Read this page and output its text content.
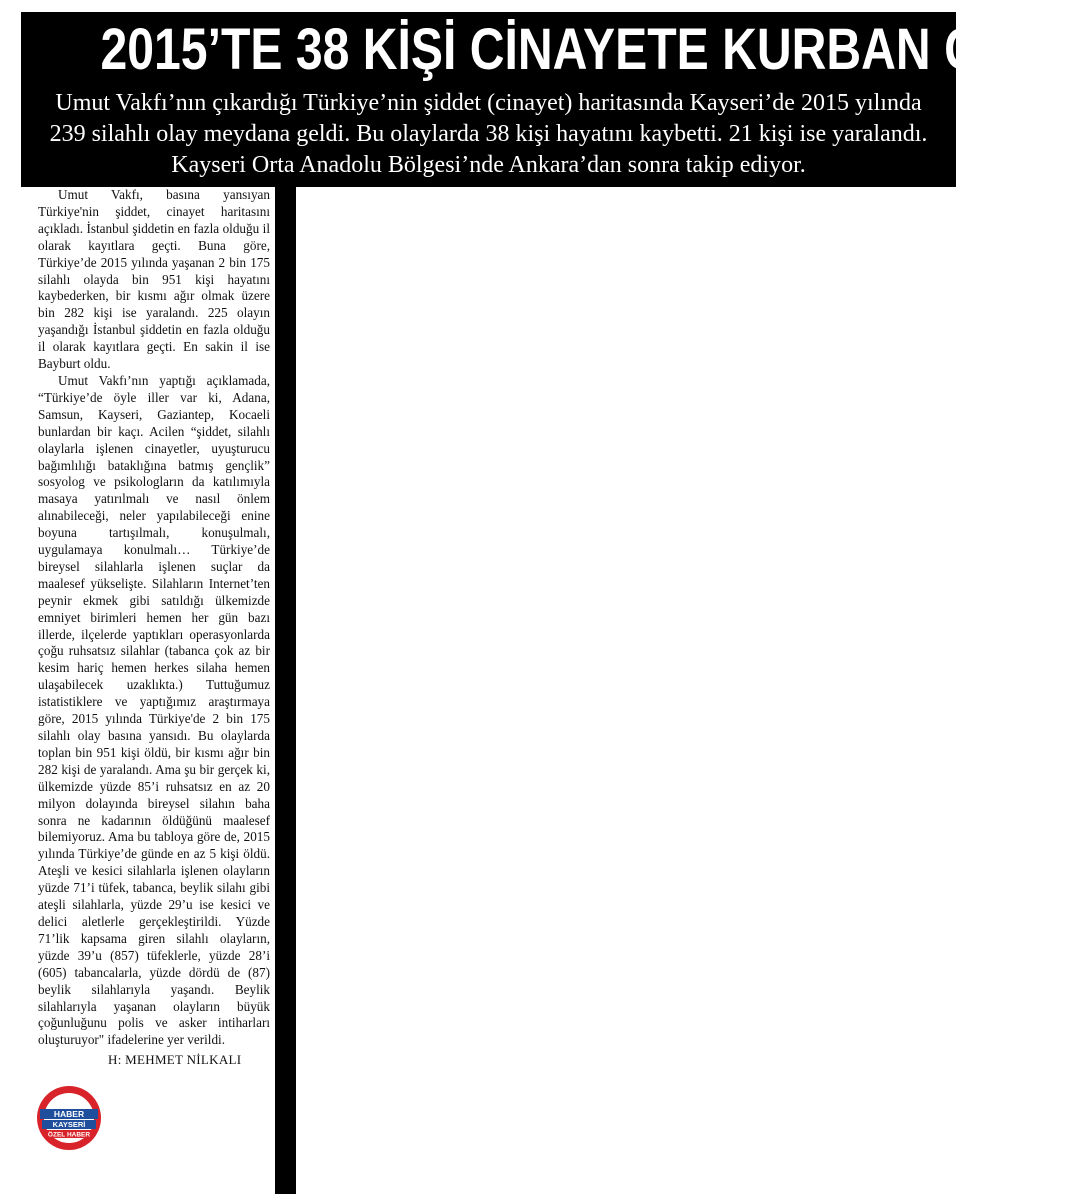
2015’TE 38 KİŞİ CİNAYETE KURBAN GİTTİ
Umut Vakfı’nın çıkardığı Türkiye’nin şiddet (cinayet) haritasında Kayseri’de 2015 yılında 239 silahlı olay meydana geldi. Bu olaylarda 38 kişi hayatını kaybetti. 21 kişi ise yaralandı. Kayseri Orta Anadolu Bölgesi’nde Ankara’dan sonra takip ediyor.

Umut Vakfı, basına yansıyan Türkiye'nin şiddet, cinayet haritasını açıkladı. İstanbul şiddetin en fazla olduğu il olarak kayıtlara geçti. Buna göre, Türkiye’de 2015 yılında yaşanan 2 bin 175 silahlı olayda bin 951 kişi hayatını kaybederken, bir kısmı ağır olmak üzere bin 282 kişi ise yaralandı. 225 olayın yaşandığı İstanbul şiddetin en fazla olduğu il olarak kayıtlara geçti. En sakin il ise Bayburt oldu.

Umut Vakfı’nın yaptığı açıklamada, “Türkiye’de öyle iller var ki, Adana, Samsun, Kayseri, Gaziantep, Kocaeli bunlardan bir kaçı. Acilen “şiddet, silahlı olaylarla işlenen cinayetler, uyuşturucu bağımlılığı bataklığına batmış gençlik” sosyolog ve psikologların da katılımıyla masaya yatırılmalı ve nasıl önlem alınabileceği, neler yapılabileceği enine boyuna tartışılmalı, konuşulmalı, uygulamaya konulmalı… Türkiye’de bireysel silahlarla işlenen suçlar da maalesef yükselişte. Silahların Internet’ten peynir ekmek gibi satıldığı ülkemizde emniyet birimleri hemen her gün bazı illerde, ilçelerde yaptıkları operasyonlarda çoğu ruhsatsız silahlar (tabanca çok az bir kesim hariç hemen herkes silaha hemen ulaşabilecek uzaklıkta.) Tuttuğumuz istatistiklere ve yaptığımız araştırmaya göre, 2015 yılında Türkiye'de 2 bin 175 silahlı olay basına yansıdı. Bu olaylarda toplan bin 951 kişi öldü, bir kısmı ağır bin 282 kişi de yaralandı. Ama şu bir gerçek ki, ülkemizde yüzde 85’i ruhsatsız en az 20 milyon dolayında bireysel silahın baha sonra ne kadarının öldüğünü maalesef bilemiyoruz. Ama bu tabloya göre de, 2015 yılında Türkiye’de günde en az 5 kişi öldü. Ateşli ve kesici silahlarla işlenen olayların yüzde 71’i tüfek, tabanca, beylik silahı gibi ateşli silahlarla, yüzde 29’u ise kesici ve delici aletlerle gerçekleştirildi. Yüzde 71’lik kapsama giren silahlı olayların, yüzde 39’u (857) tüfeklerle, yüzde 28’i (605) tabancalarla, yüzde dördü de (87) beylik silahlarıyla yaşandı. Beylik silahlarıyla yaşanan olayların büyük çoğunluğunu polis ve asker intiharları oluşturuyor" ifadelerine yer verildi.

H: MEHMET NİLKALI
HABER
KAYSERİ
ÖZEL HABER
